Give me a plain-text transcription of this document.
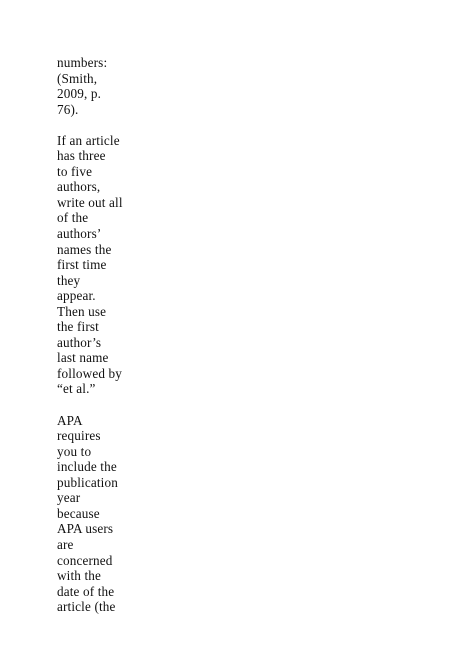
numbers:
(Smith,
2009, p.
76).
If an article
has three
to five
authors,
write out all
of the
authors’
names the
first time
they
appear.
Then use
the first
author’s
last name
followed by
“et al.”
APA
requires
you to
include the
publication
year
because
APA users
are
concerned
with the
date of the
article (the
